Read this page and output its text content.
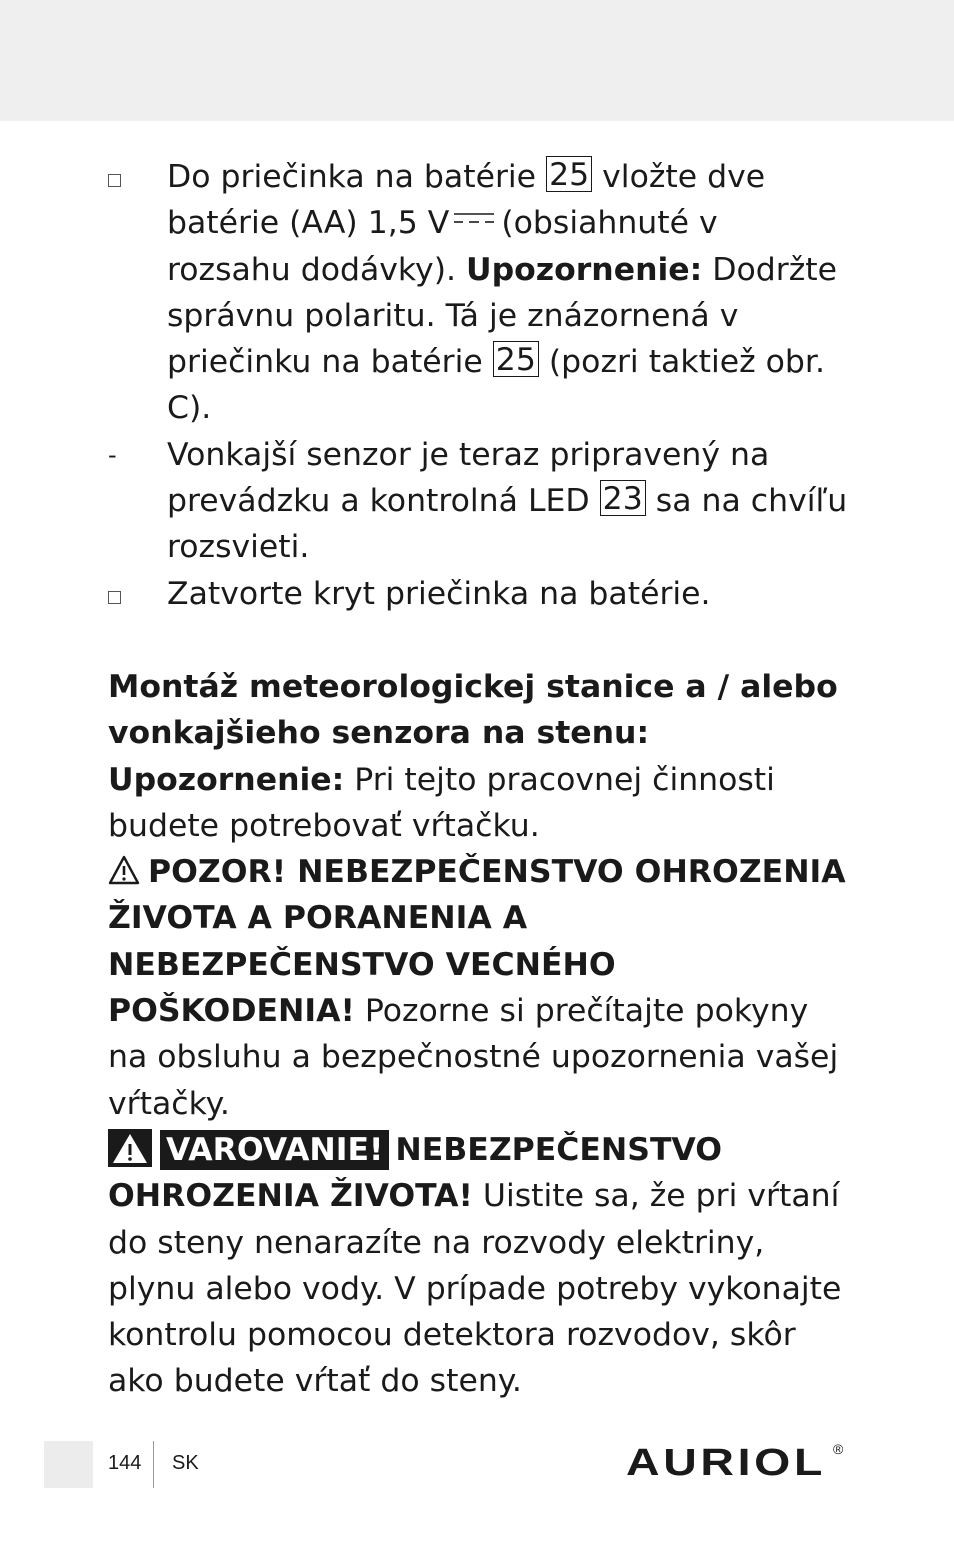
Do priečinka na batérie 25 vložte dve batérie (AA) 1,5 V (obsiahnuté v rozsahu dodávky). Upozornenie: Dodržte správnu polaritu. Tá je znázornená v priečinku na batérie 25 (pozri taktiež obr. C).
- Vonkajší senzor je teraz pripravený na prevádzku a kontrolná LED 23 sa na chvíľu rozsvieti.
Zatvorte kryt priečinka na batérie.
Montáž meteorologickej stanice a / alebo vonkajšieho senzora na stenu:
Upozornenie: Pri tejto pracovnej činnosti budete potrebovať vŕtačku.
POZOR! NEBEZPEČENSTVO OHROZENIA ŽIVOTA A PORANENIA A NEBEZPEČENSTVO VECNÉHO POŠKODENIA! Pozorne si prečítajte pokyny na obsluhu a bezpečnostné upozornenia vašej vŕtačky.
VAROVANIE! NEBEZPEČENSTVO OHROZENIA ŽIVOTA! Uistite sa, že pri vŕtaní do steny nenarazíte na rozvody elektriny, plynu alebo vody. V prípade potreby vykonajte kontrolu pomocou detektora rozvodov, skôr ako budete vŕtať do steny.
144 SK	AURIOL ®
